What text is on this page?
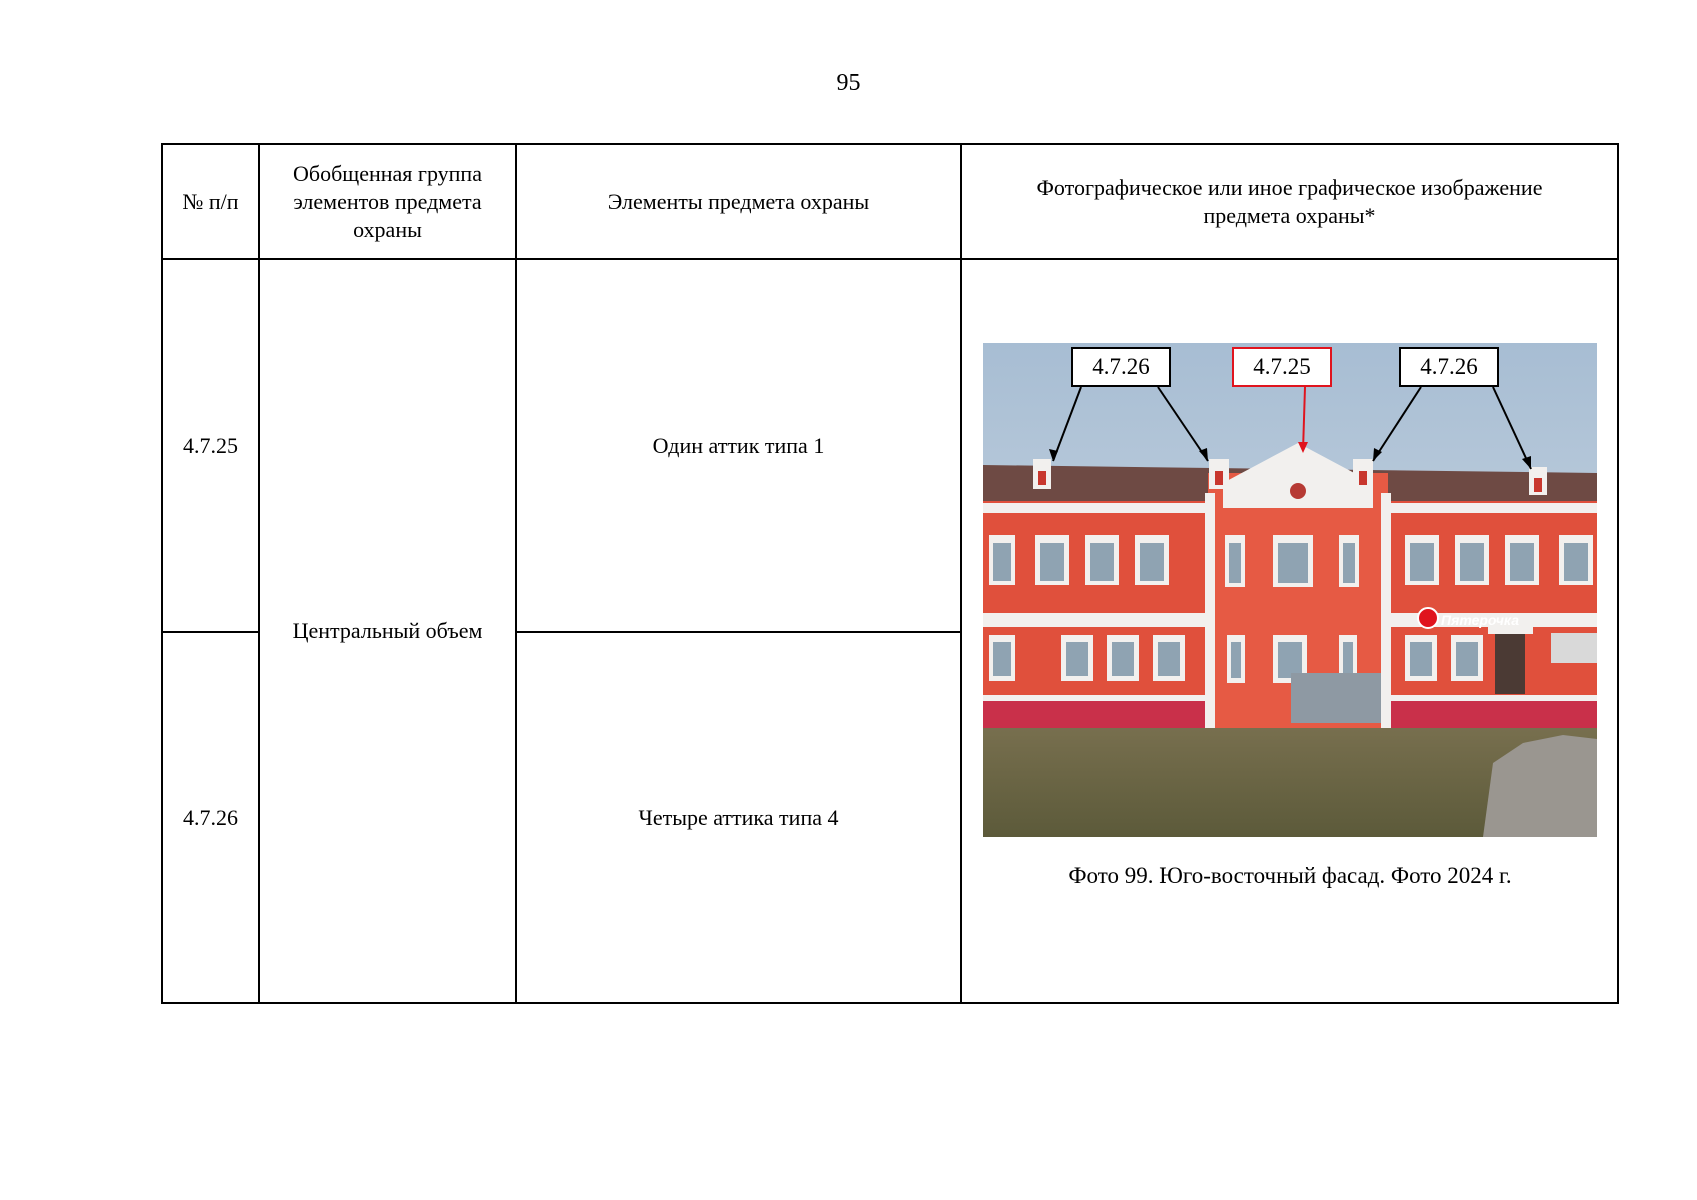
95
№ п/п
Обобщенная группа элементов предмета охраны
Элементы предмета охраны
Фотографическое или иное графическое изображение предмета охраны*
4.7.25
4.7.26
Центральный объем
Один аттик типа 1
Четыре аттика типа 4
Пятерочка
4.7.26	4.7.25	4.7.26
Фото 99. Юго-восточный фасад. Фото 2024 г.
